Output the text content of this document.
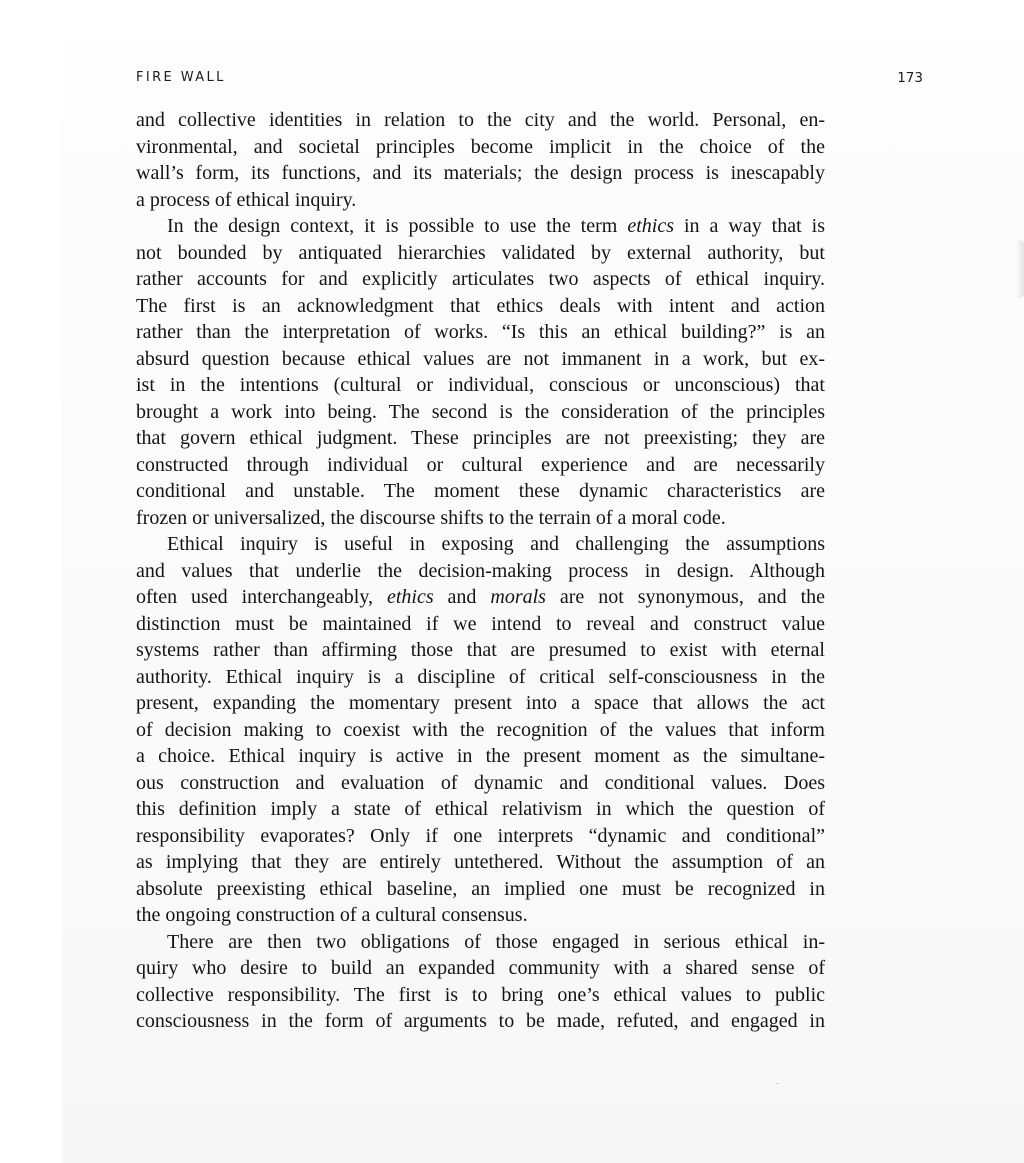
FIRE WALL	173
and collective identities in relation to the city and the world. Personal, en-
vironmental, and societal principles become implicit in the choice of the
wall’s form, its functions, and its materials; the design process is inescapably
a process of ethical inquiry.
In the design context, it is possible to use the term ethics in a way that is
not bounded by antiquated hierarchies validated by external authority, but
rather accounts for and explicitly articulates two aspects of ethical inquiry.
The first is an acknowledgment that ethics deals with intent and action
rather than the interpretation of works. “Is this an ethical building?” is an
absurd question because ethical values are not immanent in a work, but ex-
ist in the intentions (cultural or individual, conscious or unconscious) that
brought a work into being. The second is the consideration of the principles
that govern ethical judgment. These principles are not preexisting; they are
constructed through individual or cultural experience and are necessarily
conditional and unstable. The moment these dynamic characteristics are
frozen or universalized, the discourse shifts to the terrain of a moral code.
Ethical inquiry is useful in exposing and challenging the assumptions
and values that underlie the decision-making process in design. Although
often used interchangeably, ethics and morals are not synonymous, and the
distinction must be maintained if we intend to reveal and construct value
systems rather than affirming those that are presumed to exist with eternal
authority. Ethical inquiry is a discipline of critical self-consciousness in the
present, expanding the momentary present into a space that allows the act
of decision making to coexist with the recognition of the values that inform
a choice. Ethical inquiry is active in the present moment as the simultane-
ous construction and evaluation of dynamic and conditional values. Does
this definition imply a state of ethical relativism in which the question of
responsibility evaporates? Only if one interprets “dynamic and conditional”
as implying that they are entirely untethered. Without the assumption of an
absolute preexisting ethical baseline, an implied one must be recognized in
the ongoing construction of a cultural consensus.
There are then two obligations of those engaged in serious ethical in-
quiry who desire to build an expanded community with a shared sense of
collective responsibility. The first is to bring one’s ethical values to public
consciousness in the form of arguments to be made, refuted, and engaged in
